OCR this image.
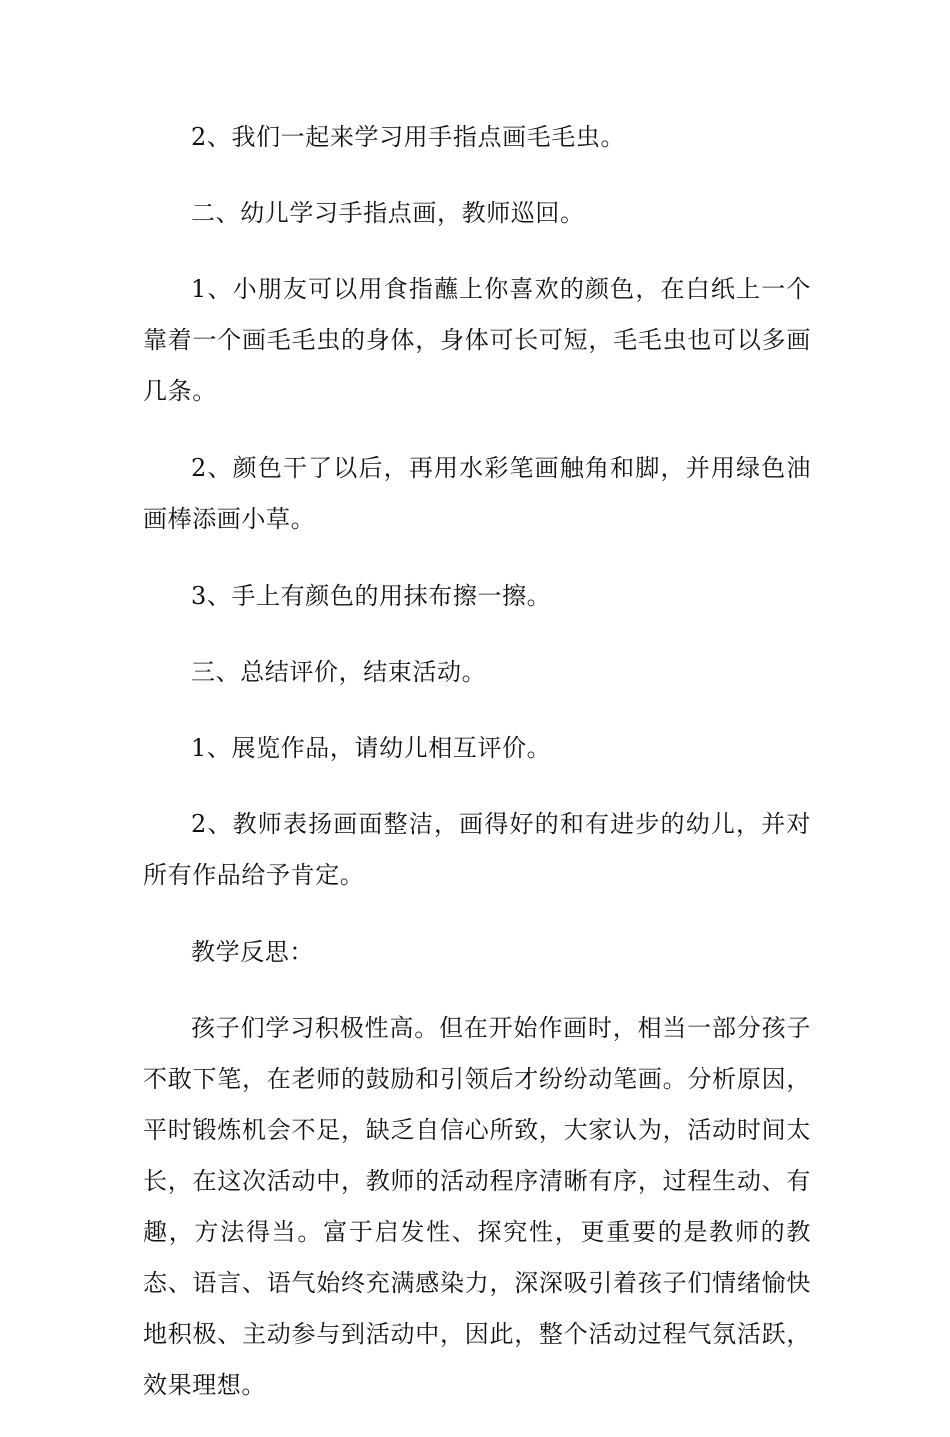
2、我们一起来学习用手指点画毛毛虫。

二、幼儿学习手指点画，教师巡回。

1、小朋友可以用食指蘸上你喜欢的颜色，在白纸上一个靠着一个画毛毛虫的身体，身体可长可短，毛毛虫也可以多画几条。

2、颜色干了以后，再用水彩笔画触角和脚，并用绿色油画棒添画小草。

3、手上有颜色的用抹布擦一擦。

三、总结评价，结束活动。

1、展览作品，请幼儿相互评价。

2、教师表扬画面整洁，画得好的和有进步的幼儿，并对所有作品给予肯定。

教学反思：

孩子们学习积极性高。但在开始作画时，相当一部分孩子不敢下笔，在老师的鼓励和引领后才纷纷动笔画。分析原因，平时锻炼机会不足，缺乏自信心所致，大家认为，活动时间太长，在这次活动中，教师的活动程序清晰有序，过程生动、有趣，方法得当。富于启发性、探究性，更重要的是教师的教态、语言、语气始终充满感染力，深深吸引着孩子们情绪愉快地积极、主动参与到活动中，因此，整个活动过程气氛活跃，效果理想。
